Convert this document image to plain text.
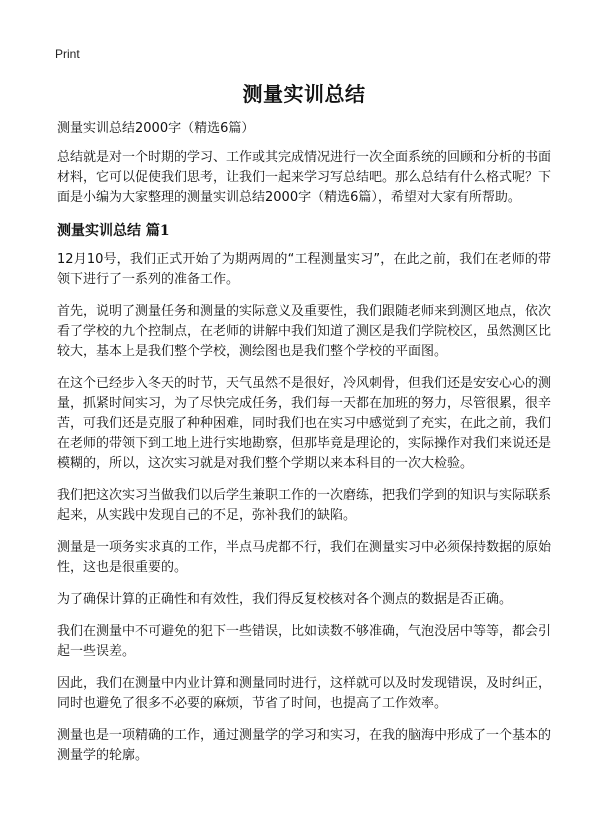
Print
测量实训总结
测量实训总结2000字（精选6篇）

总结就是对一个时期的学习、工作或其完成情况进行一次全面系统的回顾和分析的书面材料，它可以促使我们思考，让我们一起来学习写总结吧。那么总结有什么格式呢？下面是小编为大家整理的测量实训总结2000字（精选6篇），希望对大家有所帮助。

测量实训总结 篇1

12月10号，我们正式开始了为期两周的“工程测量实习”，在此之前，我们在老师的带领下进行了一系列的准备工作。

首先，说明了测量任务和测量的实际意义及重要性，我们跟随老师来到测区地点，依次看了学校的九个控制点，在老师的讲解中我们知道了测区是我们学院校区，虽然测区比较大，基本上是我们整个学校，测绘图也是我们整个学校的平面图。

在这个已经步入冬天的时节，天气虽然不是很好，冷风刺骨，但我们还是安安心心的测量，抓紧时间实习，为了尽快完成任务，我们每一天都在加班的努力，尽管很累，很辛苦，可我们还是克服了种种困难，同时我们也在实习中感觉到了充实，在此之前，我们在老师的带领下到工地上进行实地勘察，但那毕竟是理论的，实际操作对我们来说还是模糊的，所以，这次实习就是对我们整个学期以来本科目的一次大检验。

我们把这次实习当做我们以后学生兼职工作的一次磨练，把我们学到的知识与实际联系起来，从实践中发现自己的不足，弥补我们的缺陷。

测量是一项务实求真的工作，半点马虎都不行，我们在测量实习中必须保持数据的原始性，这也是很重要的。

为了确保计算的正确性和有效性，我们得反复校核对各个测点的数据是否正确。

我们在测量中不可避免的犯下一些错误，比如读数不够准确，气泡没居中等等，都会引起一些误差。

因此，我们在测量中内业计算和测量同时进行，这样就可以及时发现错误，及时纠正，同时也避免了很多不必要的麻烦，节省了时间，也提高了工作效率。

测量也是一项精确的工作，通过测量学的学习和实习，在我的脑海中形成了一个基本的测量学的轮廓。
